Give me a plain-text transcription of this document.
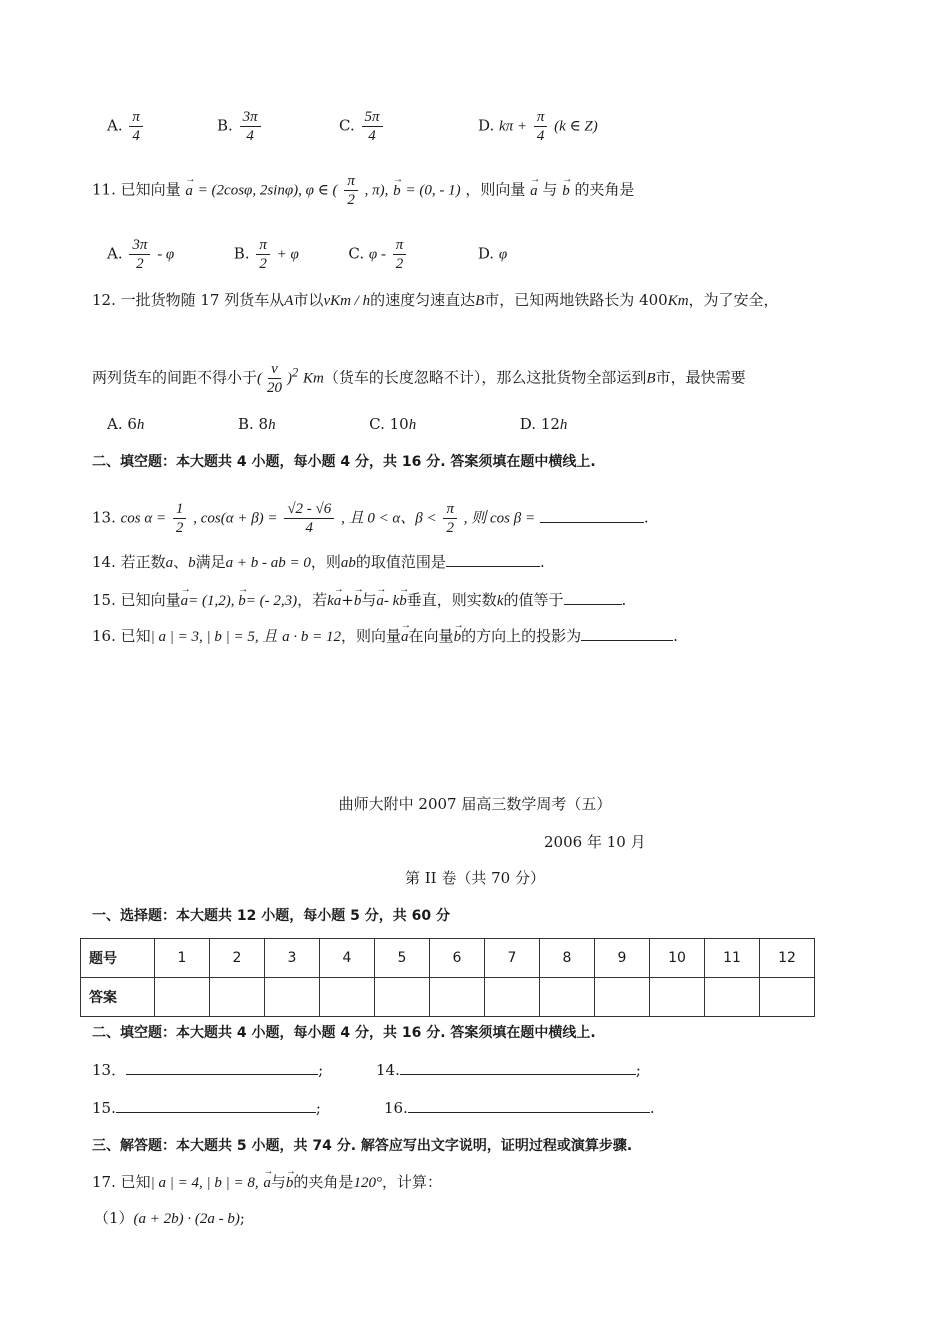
A. $\frac{\pi}{4}$	B. $\frac{3\pi}{4}$	C. $\frac{5\pi}{4}$	D. $k\pi + \frac{\pi}{4} (k$ ∈ Z)
11. 已知向量 → a = (2cosφ, 2sinφ), φ ∈ ( $\frac{\pi}{2}$ , π), → b = (0, - 1) ，则向量 → a 与 → b 的夹角是
A. $\frac{3\pi}{2}$ - φ	B. $\frac{\pi}{2} + \varphi$	C. φ - $\frac{\pi}{2}$	D. φ
12. 一批货物随 17 列货车从A市以vKm / h的速度匀速直达B市，已知两地铁路长为 400Km，为了安全，
两列货车的间距不得小于( $\frac{v}{20} )^2$ Km（货车的长度忽略不计），那么这批货物全部运到B市，最快需要
A. 6h	B. 8h	C. 10h	D. 12h
二、填空题：本大题共 4 小题，每小题 4 分，共 16 分. 答案须填在题中横线上.
13. $\cos \alpha = \frac{1}{2}$ , $\cos(\alpha + \beta) = \frac{√2 - √6}{4}$ , 且 0 < α、$\beta < \frac{\pi}{2}$ , 则 cos β =	.
14. 若正数a、b满足a + b - ab = 0，则ab的取值范围是	.
15. 已知向量→ a= (1,2), → b= (- 2,3)，若k→ a+→ b与→ a- k→ b垂直，则实数k的值等于	.
16. 已知| a | = 3, | b | = 5, 且 a · b = 12，则向量→ a在向量→ b的方向上的投影为	.
曲师大附中 2007 届高三数学周考（五）
2006 年 10 月
第 II 卷（共 70 分）
一、选择题：本大题共 12 小题，每小题 5 分，共 60 分
题号	1	2	3	4	5	6	7	8	9	10	11	12
答案												
二、填空题：本大题共 4 小题，每小题 4 分，共 16 分. 答案须填在题中横线上.
13．	;	14.	;
15.	;	16.	.
三、解答题：本大题共 5 小题，共 74 分. 解答应写出文字说明，证明过程或演算步骤.
17. 已知| a | = 4, | b | = 8, → a与→ b的夹角是120°，计算：
（1）(a + 2b) · (2a - b);
